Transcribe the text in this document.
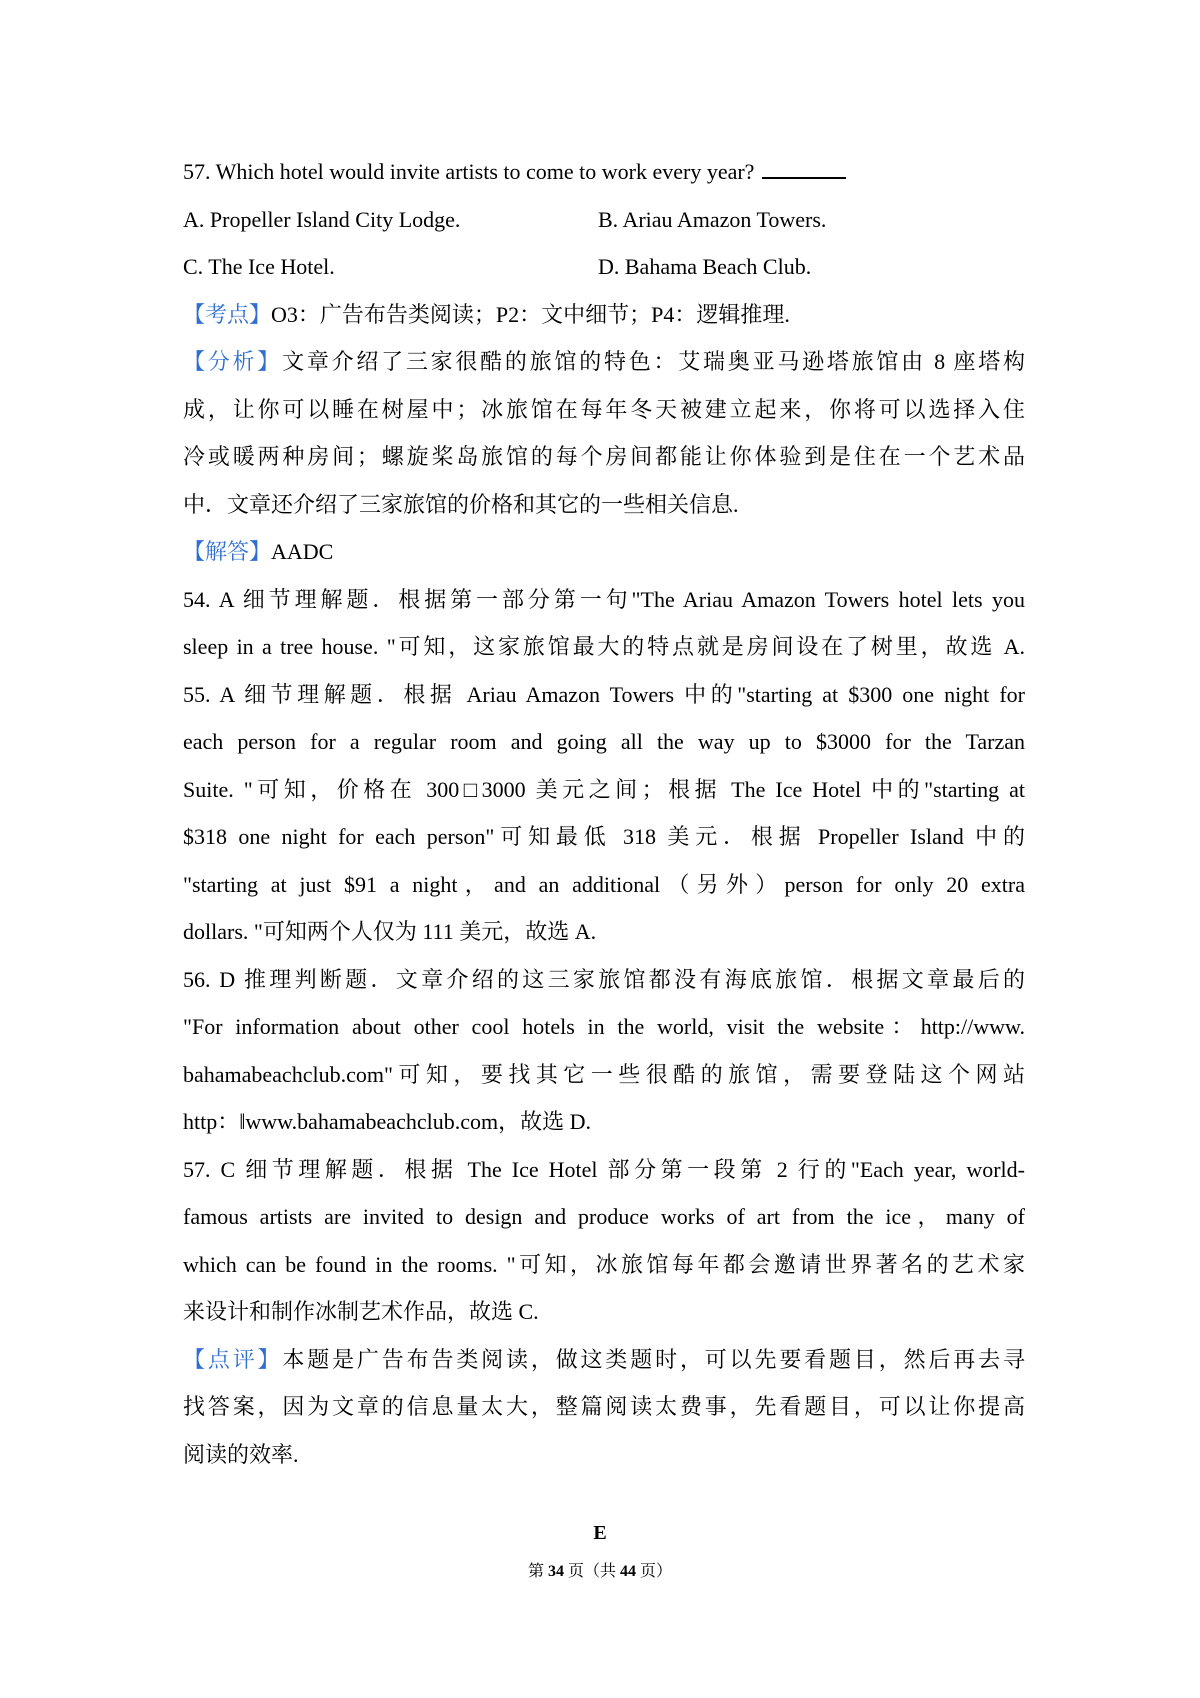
57. Which hotel would invite artists to come to work every year?

A. Propeller Island City Lodge.	B. Ariau Amazon Towers.
C. The Ice Hotel.	D. Bahama Beach Club.

【考点】O3：广告布告类阅读；P2：文中细节；P4：逻辑推理.

【分析】文章介绍了三家很酷的旅馆的特色：艾瑞奥亚马逊塔旅馆由 8 座塔构

成，让你可以睡在树屋中；冰旅馆在每年冬天被建立起来，你将可以选择入住

冷或暖两种房间；螺旋桨岛旅馆的每个房间都能让你体验到是住在一个艺术品

中．文章还介绍了三家旅馆的价格和其它的一些相关信息.

【解答】AADC

54. A 细节理解题．根据第一部分第一句"The Ariau Amazon Towers hotel lets you

sleep in a tree house. "可知，这家旅馆最大的特点就是房间设在了树里，故选 A.

55. A 细节理解题．根据 Ariau Amazon Towers 中的"starting at $300 one night for

each person for a regular room and going all the way up to $3000 for the Tarzan

Suite. "可知，价格在 300□3000 美元之间；根据 The Ice Hotel 中的"starting at

$318 one night for each person"可知最低 318 美元．根据 Propeller Island 中的

"starting at just $91 a night，and an additional（另外）person for only 20 extra

dollars. "可知两个人仅为 111 美元，故选 A.

56. D 推理判断题．文章介绍的这三家旅馆都没有海底旅馆．根据文章最后的

"For information about other cool hotels in the world, visit the website：http://www.

bahamabeachclub.com"可知，要找其它一些很酷的旅馆，需要登陆这个网站

http：‖www.bahamabeachclub.com，故选 D.

57. C 细节理解题．根据 The Ice Hotel 部分第一段第 2 行的"Each year, world-

famous artists are invited to design and produce works of art from the ice，many of

which can be found in the rooms. "可知，冰旅馆每年都会邀请世界著名的艺术家

来设计和制作冰制艺术作品，故选 C.

【点评】本题是广告布告类阅读，做这类题时，可以先要看题目，然后再去寻

找答案，因为文章的信息量太大，整篇阅读太费事，先看题目，可以让你提高

阅读的效率.

E
第 34 页（共 44 页）
